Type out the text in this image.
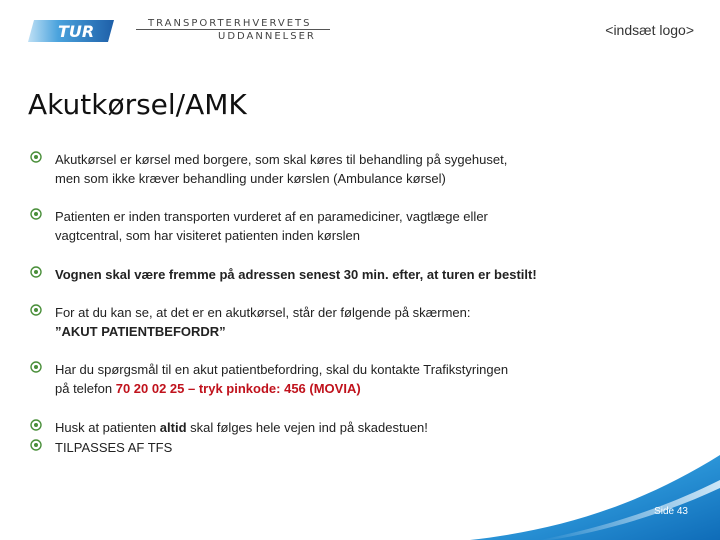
TUR	TRANSPORTERHVERVETS
UDDANNELSER	<indsæt logo>
Akutkørsel/AMK
Akutkørsel er kørsel med borgere, som skal køres til behandling på sygehuset,
men som ikke kræver behandling under kørslen (Ambulance kørsel)
Patienten er inden transporten vurderet af en paramediciner, vagtlæge eller
vagtcentral, som har visiteret patienten inden kørslen
Vognen skal være fremme på adressen senest 30 min. efter, at turen er bestilt!
For at du kan se, at det er en akutkørsel, står der følgende på skærmen:
”AKUT PATIENTBEFORDR”
Har du spørgsmål til en akut patientbefordring, skal du kontakte Trafikstyringen
på telefon 70 20 02 25 – tryk pinkode: 456 (MOVIA)
Husk at patienten altid skal følges hele vejen ind på skadestuen!
TILPASSES AF TFS
Side 43
